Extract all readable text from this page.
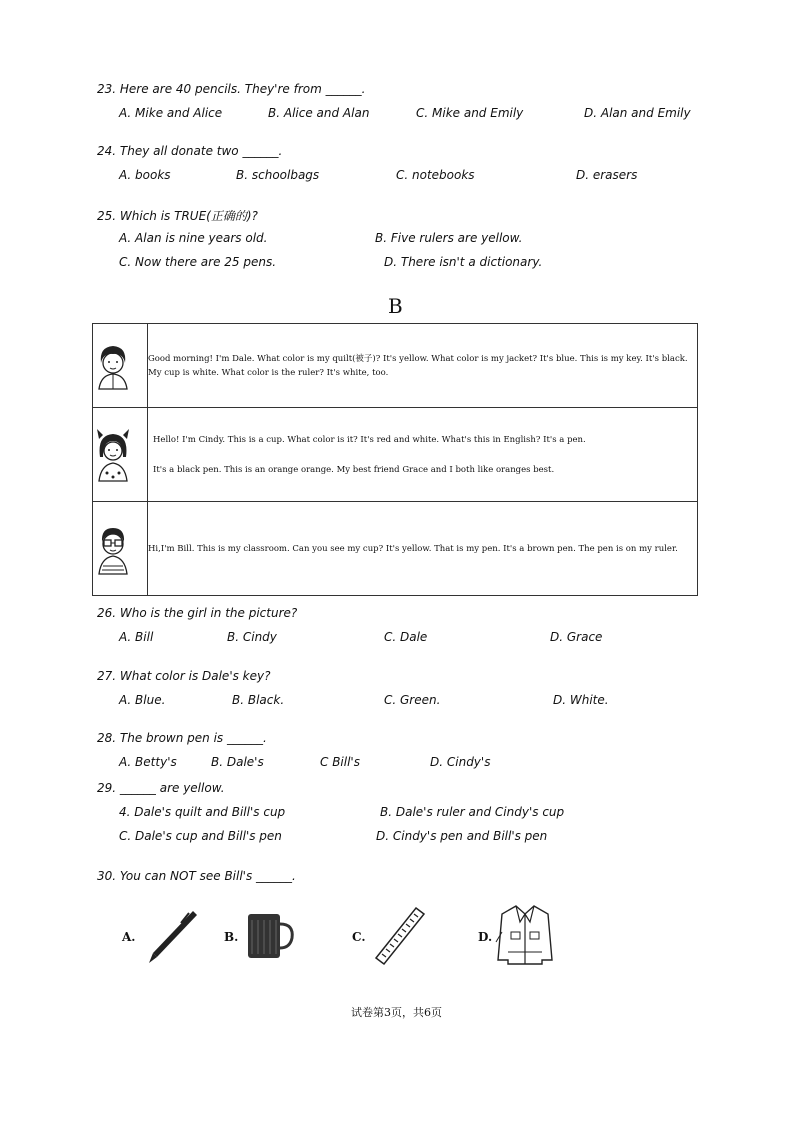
23. Here are 40 pencils. They're from ______.
A. Mike and Alice	B. Alice and Alan	C. Mike and Emily	D. Alan and Emily
24. They all donate two ______.
A. books	B. schoolbags	C. notebooks	D. erasers
25. Which is TRUE(正确的)?
A. Alan is nine years old.	B. Five rulers are yellow.
C. Now there are 25 pens.	D. There isn't a dictionary.
B
	Good morning! I'm Dale. What color is my quilt(被子)? It's yellow. What color is my jacket? It's blue. This is my key. It's black. My cup is white. What color is the ruler? It's white, too.

Hello! I'm Cindy. This is a cup. What color is it? It's red and white. What's this in English? It's a pen.
It's a black pen. This is an orange orange. My best friend Grace and I both like oranges best.

	Hi,I'm Bill. This is my classroom. Can you see my cup? It's yellow. That is my pen. It's a brown pen. The pen is on my ruler.
26. Who is the girl in the picture?
A. Bill	B. Cindy	C. Dale	D. Grace
27. What color is Dale's key?
A. Blue.	B. Black.	C. Green.	D. White.
28. The brown pen is ______.
A. Betty's	B. Dale's	C Bill's	D. Cindy's
29. ______ are yellow.
4. Dale's quilt and Bill's cup	B. Dale's ruler and Cindy's cup
C. Dale's cup and Bill's pen	D. Cindy's pen and Bill's pen
30. You can NOT see Bill's ______.
A.	B.	C.	D.
试卷第3页，共6页
